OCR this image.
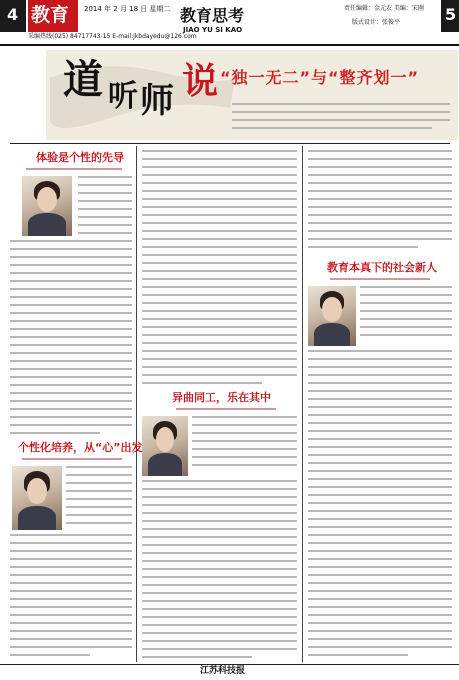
4 教育 2014 年 2 月 18 日 星期二
采编热线(025) 84717743-15 E-mail:jkbdayedu@126.com
教育思考
JIAO YU SI KAO
责任编辑：金元农 美编：宋刚
版式设计：张俊平	5
道 听 师 说 “独一无二”与“整齐划一”
体验是个性的先导
个性化培养，从“心”出发
异曲同工，乐在其中
教育本真下的社会新人
江苏科技报
